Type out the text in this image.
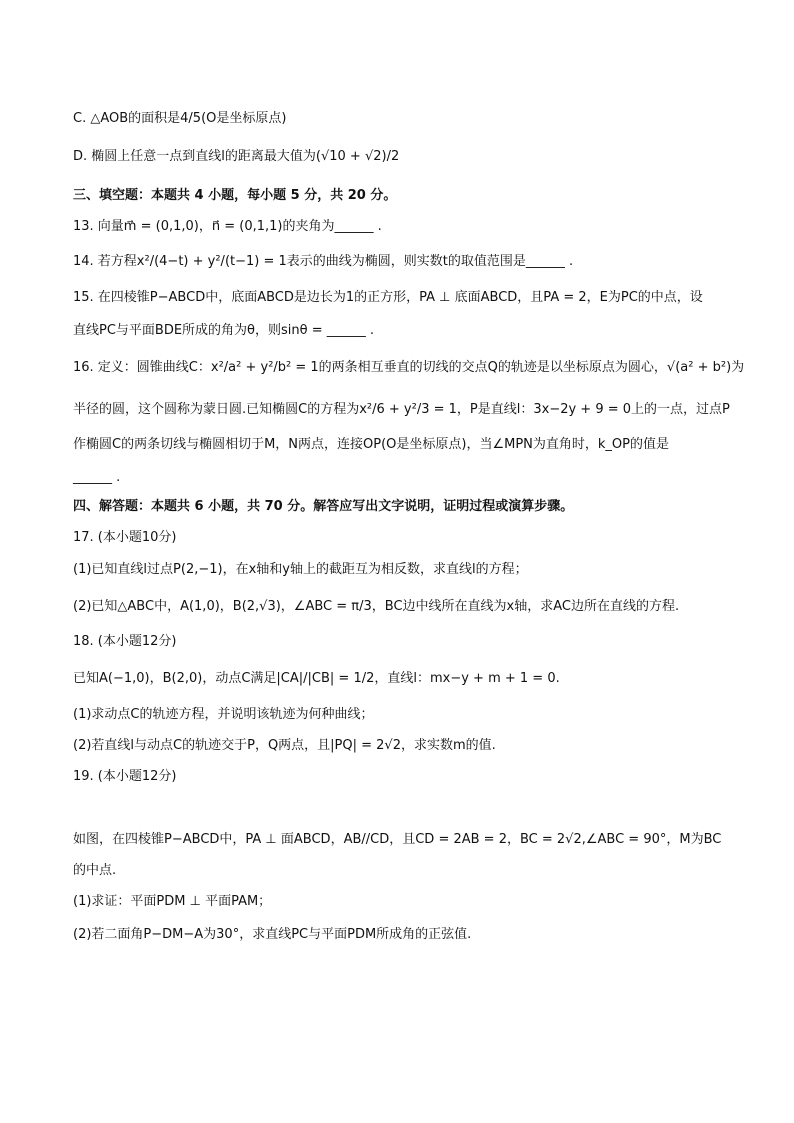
C. △AOB的面积是4/5(O是坐标原点)
D. 椭圆上任意一点到直线l的距离最大值为(√10 + √2)/2
三、填空题：本题共 4 小题，每小题 5 分，共 20 分。
13. 向量m⃗ = (0,1,0)，n⃗ = (0,1,1)的夹角为______ .
14. 若方程x²/(4−t) + y²/(t−1) = 1表示的曲线为椭圆，则实数t的取值范围是______ .
15. 在四棱锥P−ABCD中，底面ABCD是边长为1的正方形，PA ⊥ 底面ABCD，且PA = 2，E为PC的中点，设
直线PC与平面BDE所成的角为θ，则sinθ = ______ .
16. 定义：圆锥曲线C：x²/a² + y²/b² = 1的两条相互垂直的切线的交点Q的轨迹是以坐标原点为圆心，√(a² + b²)为
半径的圆，这个圆称为蒙日圆.已知椭圆C的方程为x²/6 + y²/3 = 1，P是直线l：3x−2y + 9 = 0上的一点，过点P
作椭圆C的两条切线与椭圆相切于M，N两点，连接OP(O是坐标原点)，当∠MPN为直角时，k_OP的值是
______ .
四、解答题：本题共 6 小题，共 70 分。解答应写出文字说明，证明过程或演算步骤。
17. (本小题10分)
(1)已知直线l过点P(2,−1)，在x轴和y轴上的截距互为相反数，求直线l的方程；
(2)已知△ABC中，A(1,0)，B(2,√3)，∠ABC = π/3，BC边中线所在直线为x轴，求AC边所在直线的方程.
18. (本小题12分)
已知A(−1,0)，B(2,0)，动点C满足|CA|/|CB| = 1/2，直线l：mx−y + m + 1 = 0.
(1)求动点C的轨迹方程，并说明该轨迹为何种曲线；
(2)若直线l与动点C的轨迹交于P，Q两点，且|PQ| = 2√2，求实数m的值.
19. (本小题12分)
如图，在四棱锥P−ABCD中，PA ⊥ 面ABCD，AB//CD，且CD = 2AB = 2，BC = 2√2,∠ABC = 90°，M为BC
的中点.
(1)求证：平面PDM ⊥ 平面PAM；
(2)若二面角P−DM−A为30°，求直线PC与平面PDM所成角的正弦值.
